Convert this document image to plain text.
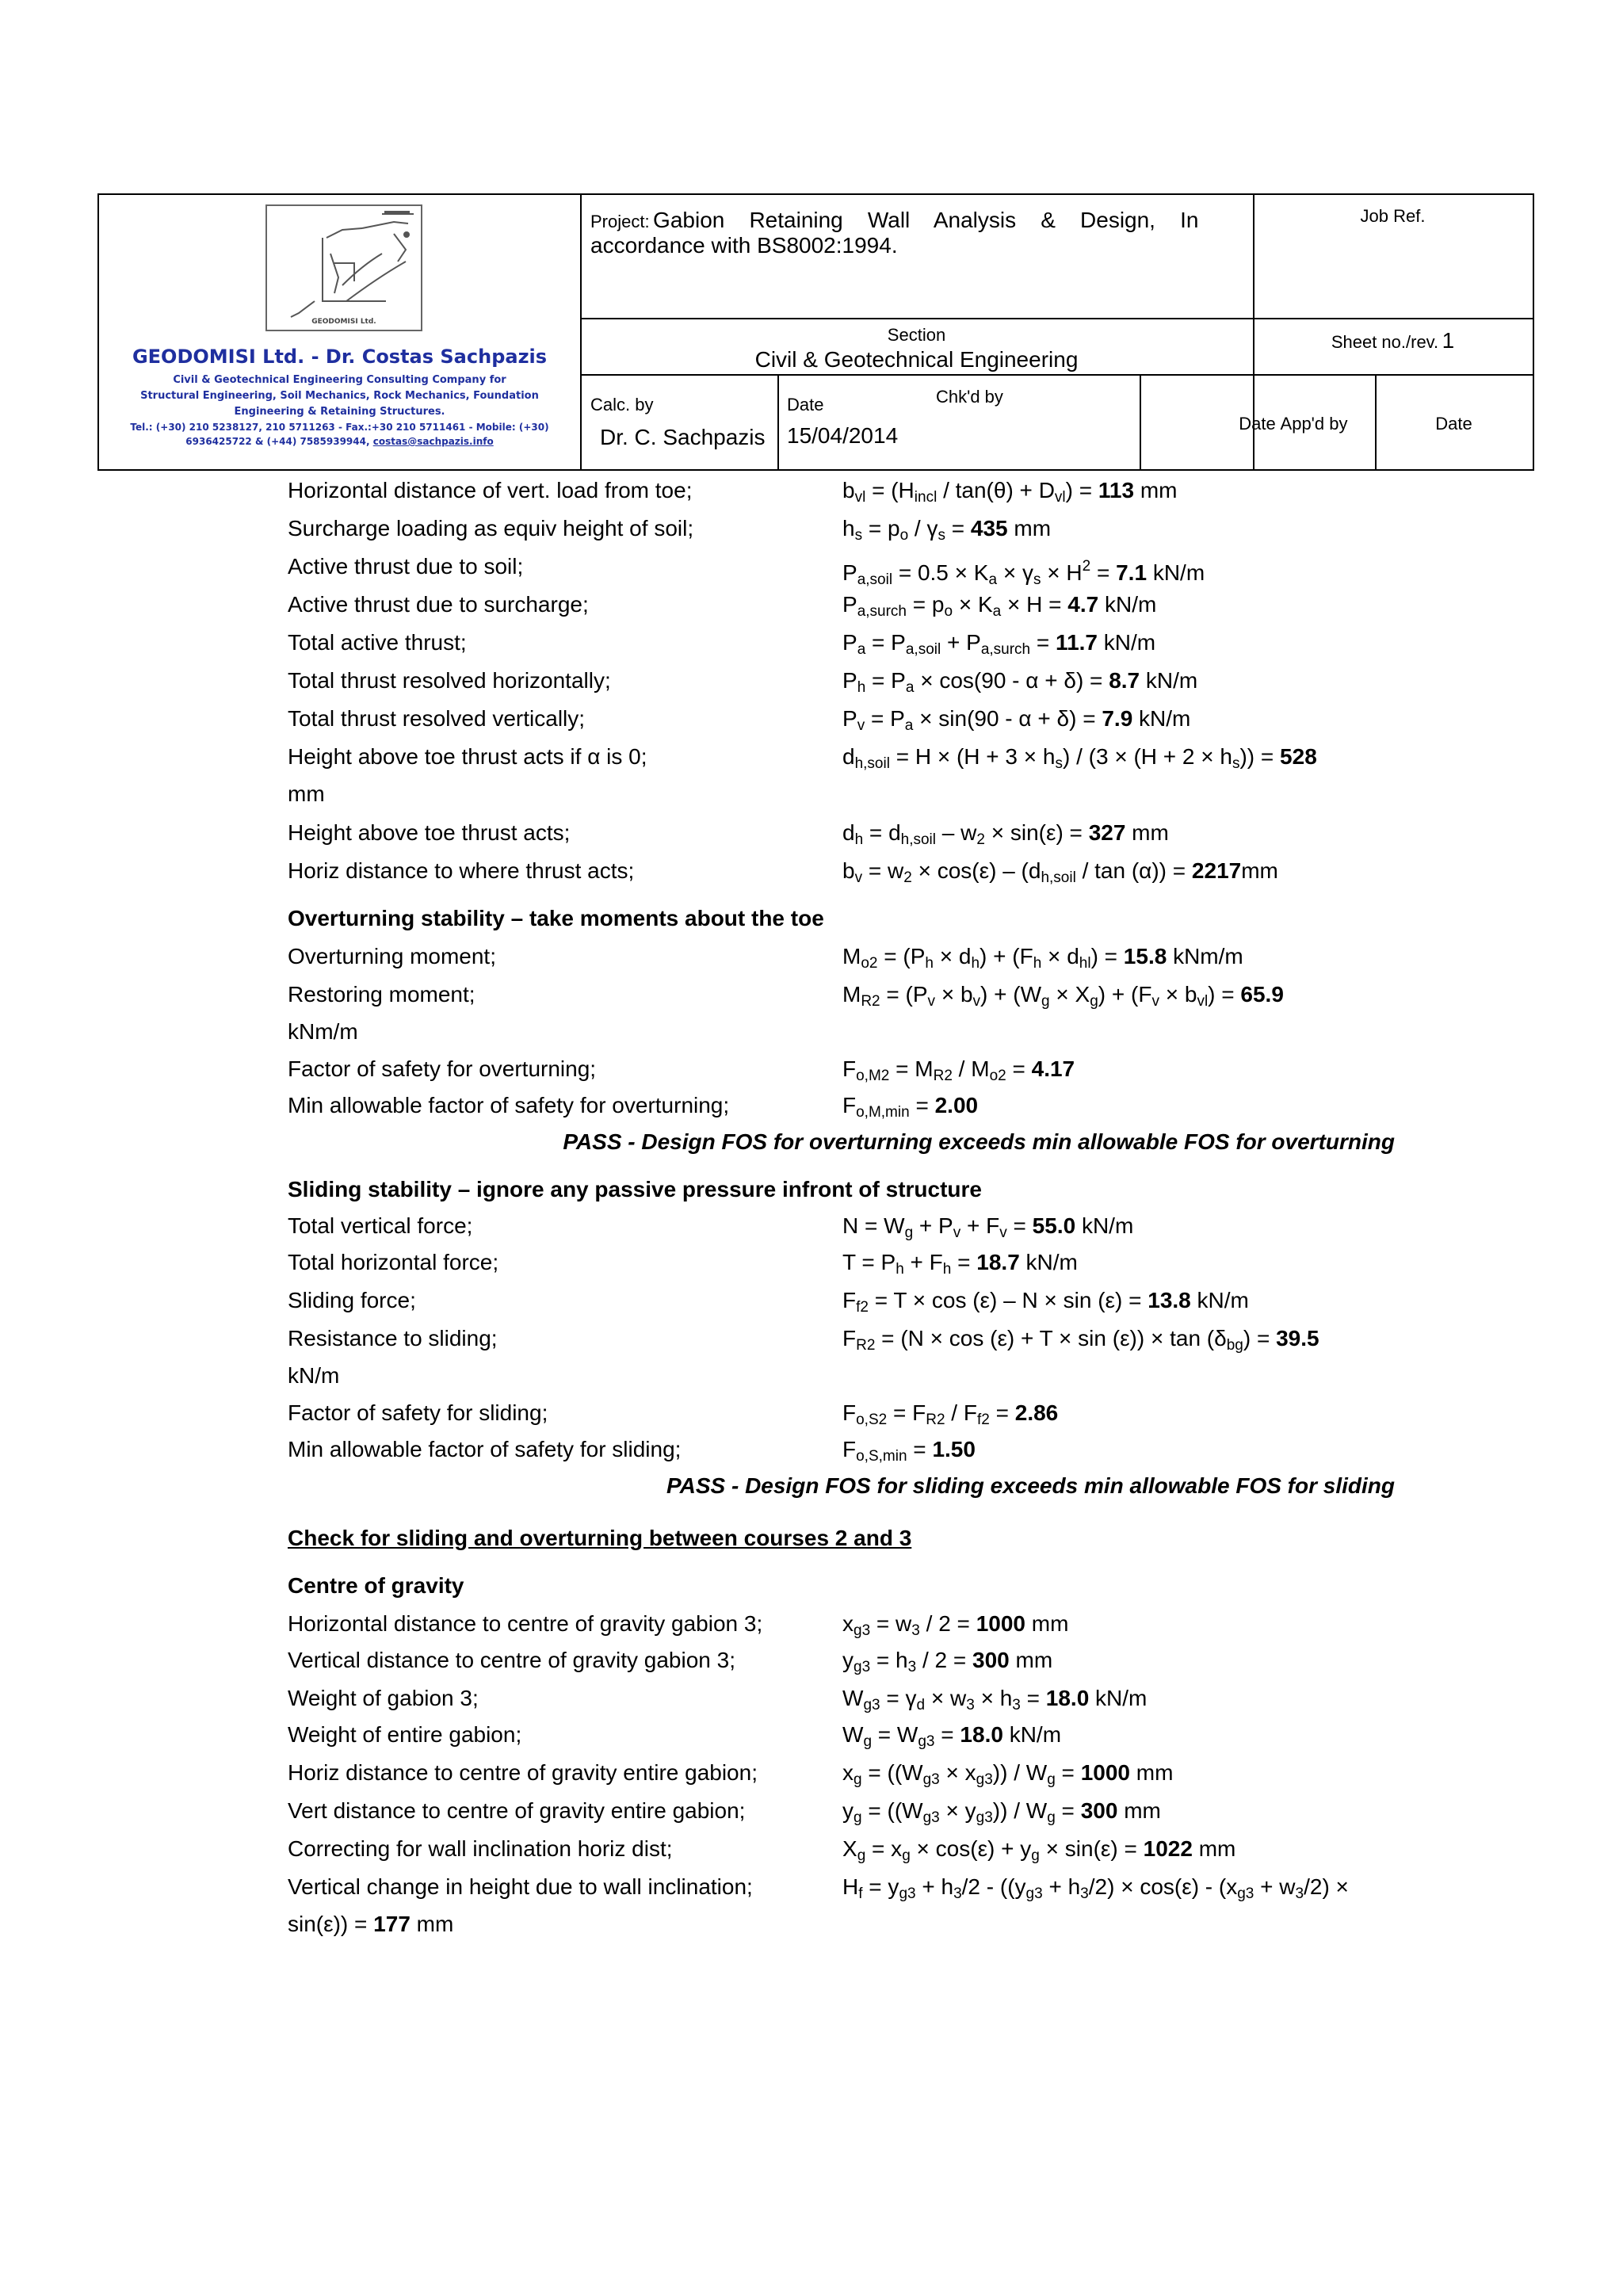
GEODOMISI Ltd.
GEODOMISI Ltd. - Dr. Costas Sachpazis
Civil & Geotechnical Engineering Consulting Company for
Structural Engineering, Soil Mechanics, Rock Mechanics, Foundation
Engineering & Retaining Structures.
Tel.: (+30) 210 5238127, 210 5711263 - Fax.:+30 210 5711461 - Mobile: (+30)
6936425722 & (+44) 7585939944, costas@sachpazis.info
Project: Gabion    Retaining    Wall    Analysis    &    Design,    In
accordance with BS8002:1994.
Job Ref.
Section
Civil & Geotechnical Engineering
Sheet no./rev. 1
Calc. by
Dr. C. Sachpazis
Date
15/04/2014
Chk'd by
Date App'd by	Date
Horizontal distance of vert. load from toe;	$b_{vl} = (H_{incl} / \tan(\theta) + D_{vl}) = 113$ mm
Surcharge loading as equiv height of soil;	$h_s = p_o / \gamma_s = 435$ mm
Active thrust due to soil;	$P_{a,soil} = 0.5 \times K_a \times \gamma_s \times H^2 = 7.1$ kN/m
Active thrust due to surcharge;	$P_{a,surch} = p_o \times K_a \times H = 4.7$ kN/m
Total active thrust;	$P_a = P_{a,soil} + P_{a,surch} = 11.7$ kN/m
Total thrust resolved horizontally;	$P_h = P_a \times \cos(90 - \alpha + \delta) = 8.7$ kN/m
Total thrust resolved vertically;	$P_v = P_a \times \sin(90 - \alpha + \delta) = 7.9$ kN/m
Height above toe thrust acts if α is 0;	$d_{h,soil} = H \times (H + 3 \times h_s) / (3 \times (H + 2 \times h_s)) = 528$
mm
Height above toe thrust acts;	$d_h = d_{h,soil} - w_2 \times \sin(\varepsilon) = 327$ mm
Horiz distance to where thrust acts;	$b_v = w_2 \times \cos(\varepsilon) - (d_{h,soil} / \tan (\alpha)) = 2217mm$
Overturning stability – take moments about the toe
Overturning moment;	$M_{o2} = (P_h \times d_h) + (F_h \times d_{hl}) = 15.8$ kNm/m
Restoring moment;	$M_{R2} = (P_v \times b_v) + (W_g \times X_g) + (F_v \times b_{vl}) = 65.9$
kNm/m
Factor of safety for overturning;	$F_{o,M2} = M_{R2} / M_{o2} = 4.17$
Min allowable factor of safety for overturning;	$F_{o,M,min} = 2.00$
PASS - Design FOS for overturning exceeds min allowable FOS for overturning
Sliding stability – ignore any passive pressure infront of structure
Total vertical force;	$N = W_g + P_v + F_v = 55.0$ kN/m
Total horizontal force;	$T = P_h + F_h = 18.7$ kN/m
Sliding force;	$F_{f2} = T \times \cos (\varepsilon) - N \times \sin (\varepsilon) = 13.8$ kN/m
Resistance to sliding;	$F_{R2} = (N \times \cos (\varepsilon) + T \times \sin (\varepsilon)) \times \tan (\delta_{bg}) = 39.5$
kN/m
Factor of safety for sliding;	$F_{o,S2} = F_{R2} / F_{f2} = 2.86$
Min allowable factor of safety for sliding;	$F_{o,S,min} = 1.50$
PASS - Design FOS for sliding exceeds min allowable FOS for sliding
Check for sliding and overturning between courses 2 and 3
Centre of gravity
Horizontal distance to centre of gravity gabion 3;	$x_{g3} = w_3 / 2 = 1000$ mm
Vertical distance to centre of gravity gabion 3;	$y_{g3} = h_3 / 2 = 300$ mm
Weight of gabion 3;	$W_{g3} = \gamma_d \times w_3 \times h_3 = 18.0$ kN/m
Weight of entire gabion;	$W_g = W_{g3} = 18.0$ kN/m
Horiz distance to centre of gravity entire gabion;	$x_g = ((W_{g3} \times x_{g3})) / W_g = 1000$ mm
Vert distance to centre of gravity entire gabion;	$y_g = ((W_{g3} \times y_{g3})) / W_g = 300$ mm
Correcting for wall inclination horiz dist;	$X_g = x_g \times \cos(\varepsilon) + y_g \times \sin(\varepsilon) = 1022$ mm
Vertical change in height due to wall inclination;	$H_f = y_{g3} + h_3/2 - ((y_{g3} + h_3/2) \times \cos(\varepsilon) - (x_{g3} + w_3/2)$ ×
sin(ε)) = 177 mm
